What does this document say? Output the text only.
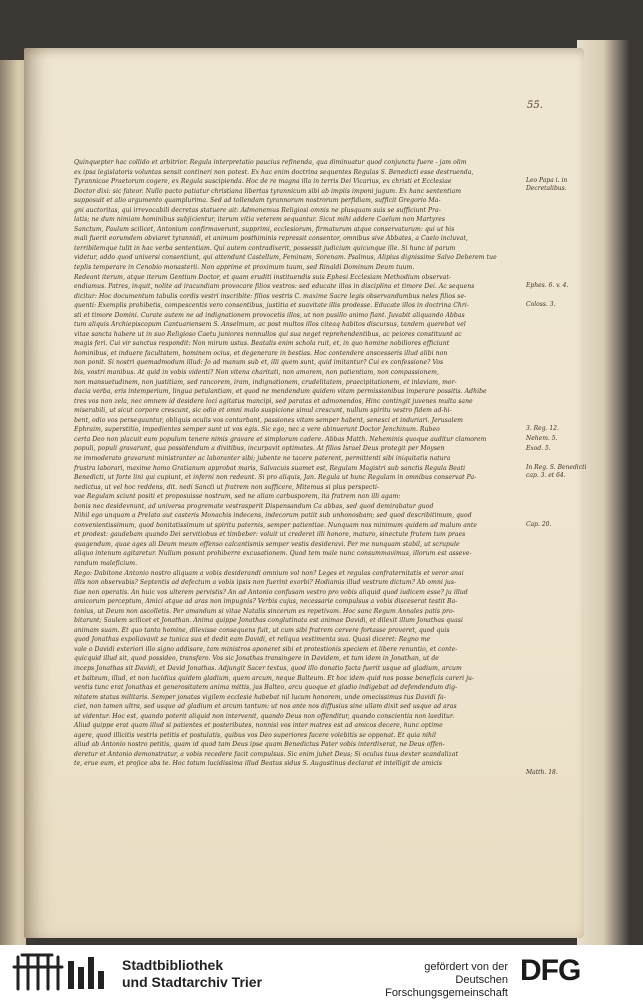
55.

Quinquepter hac collido et arbitrior. Regula interpretatio paucius refinenda, qua diminuatur quod conjunctu fuere - jam olim

ex ipsa legislatoris voluntas sensit contineri non potest. Ex hac enim doctrina sequentes Regulas S. Benedicti esse destruenda,

Tyrannicae Praetorum cogere, ex Regula suscipienda. Hoc de re magna illa in terris Dei Vicarius, ex christi et Ecclesiae

Doctor dixi: sic fateor. Nullo pacto patiatur christiana libertas tyrannicum sibi ab impiis imponi jugum. Ex hanc sententiam

supposuit et alio argumento quamplurima. Sed ad tollendam tyrannorum nostrorum perfidiam, sufficit Gregorio Ma-

gni auctoritas, qui irrevocabili decretas statuere ait: Admonemus Religiosi omnis ne plusquam suis se sufficiunt Pra-

latis; ne dum nimiam hominibus subjicientur, iterum vitia veterem sequantur. Sicut mihi addere Caelum non Martyres

Sanctum, Paulum scilicet, Antonium confirmaverunt, supprimi, ecclesiorum, firmaturum atque conservaturum: qui ut his

mali fuerit eorumdem obviaret tyrannidi, et animum posthiminis repressit consentor, omnibus sive Abbates, a Caelo incluvat,

terribilemque tulit in hac verba sententiam. Qui autem contradixerit, possessit judicium quicunque ille. Si hunc id parum

videtur, addo quod universi consentiunt, qui attendunt Castellum, Feminam, Sorenam. Psalmus, Alipius dignissime Salvo Deberem tue

teplis temperare in Cenobio monasterii. Non apprime et proximum tuum, sed Rinaldi Dominum Deum tuum.

Redeant iterum, atque iterum Gentium Doctor, et quam eruditi instituendis suis Ephesi Ecclesiam Methodium observat-

endiamus. Patres, inquit, nolite ad iracundiam provocare filios vestros: sed educate illos in disciplina et timore Dei. Ac sequens

dicitur: Hoc documentum tabulis cordis vestri inscribite: filios vestris C. maxime Sacre legis observandumbus neles filios se-

quenti: Exemplis prohibetis, compescentis vero consentibus, justitia et suavitate illis prodesse. Educate illos in doctrina Chri-

sti et timore Domini. Curate autem ne ad indignationem provocetis illos, ut non pusillo animo fiant. Juvabit aliquando Abbas

tum aliquis Archiepiscopum Cantuariensem S. Anselmum, ac post multos illos citeaq habitos discursus, tandem querebat vel

vitae sancta habere ut in suo Religioso Caetu juniores nonnullos qui sua neget reprehendentibus, ac peiores constituunt ac

magis feri. Cui vir sanctus respondit: Non mirum ustus. Beatalis enim schola ruit, et, in quo homine nobiliores efficiunt

hominibus, et induere facultatem, hominem ocius, et degenerare in bestias. Hoc contendere anscesseris illud alibi non

non ponit. Si nostri quemadmodum illud: Jo ad manum sub et, illi quem sunt, quid imitantur? Cui ex confessione? Vos

bis, vostri manibus. At quid in vobis videnti? Non vitena charitati, non amorem, non patientiam, non compassionem,

non mansuetudinem, non justitiam, sed rancorem, iram, indignationem, crudelitatem, praecipitationem, et inlaviam, mor-

dacia verba, eris intemperium, lingua petulantiam, et quod ne mendendum quidem vitam permissionibus imperare possitis. Adhibe

tres vos non zela, nec omnem id desidere loci agitatus mancipi, sed paratas et admonendos, Hinc contingit juvenes multa sane

miserabili, ut sicut corpore crescunt, sic odio et omni malo suspicione simul crescunt, nullum spiritu vestro fidem ad-hi-

bent, odio vos persequuntur, obliquis oculis vos conturbant, passiones vitam semper habent, senesci et induriari. Jerusalem

Ephraim, superstitio, impedientes semper sunt ut vos egis. Sic ego, nec a vere abinuerunt Doctor Jenchinum. Rubeo

certa Deo non placuit eum populum tenere nimis gravare et simplorum cadere. Abbas Matth. Neheminis quoque auditur clamorem

populi, populi gravarunt, qua possidendum a divitibus, incurpavit optimates. At filios Israel Deus protegit per Moysen

ne immoderato gravarunt ministranter ac laboranter sibi; jubente ne tacere paterent, permittenti sibi iniquitatis natura

frustra laborari, maxime homo Gratianum approbat maris, Salvacuis suamet est, Regulam Magistri sub sanctis Regula Beati

Benedicti, ut forte lini qui cupiunt, et inferni non redeunt. Si pro aliquis, Jan. Regula ut hunc Regulam in omnibus conservat Pa-

nedictus, ut vel hoc reddens, dit. nedi Sancti ut fratrem non sufficere, Mitemus si plus perspecti-

vae Regulam sciunt positi et proposuisse nostrum, sed ne aliam carbusporem, ita fratrem non illi agam:

bonis nec desidevnunt, ad universa progremate vestrasperit Dispensandum Ca abbas, sed quod demirabatur guod

Nihil ego unquam a Prelato aut casteris Monachis indecens, indecorum patiit sub unhonosbam; sed quod describitimum, quod

convenientissimum, quod bonitatissimum ut spiritu paternis, semper patientiae. Nunquam nos minimum quidem ad malum ante

et prodest: gaudebam quando Dei servitiobus et timbeber: voluit ut crederet illi honore, maturo, sinectute frutem tum praes

quagendum, quae ages ali Deum meum offenso calcantismis semper vestis desideravi. Per me nunquam stabil, ut scrupule

aliquo intenum agitaretur. Nullum posunt prohiberre excusationem. Quod tem male nunc consummavimus, illorum est asseve-

randum maleficium.

Rego: Dabitone Antonio nostro aliquam a vobis desiderandi omnium vol non? Leges et regulas confraternitatis et veror anai

illis non observabis? Septentis ad defectum a vobis ipsis non fuerint exorbi? Hodiamis illud vestrum dictum? Ab omni jus-

tiae non operatis. An huic vos ulterem pervistis? An ad Antonio confusam vestro pro vobis aliquid quod iudicem esse? ju illud

amicorum perceptum, Amici atque ad aras non impugnis? Verbis cujus, necessarie compulsus a vobis disceserat testit Ba-

tonius, ut Deum non ascolletis. Per amandum si vitae Natalis sincerum es repetivam. Hoc sanc Regum Annales patis pro-

bitarunt; Saulem scilicet et Jonathan. Anima quippe Jonathas conglutinata est animae Davidi, et dilexit illum Jonathas quasi

animam suam. Et quo tanto homine, dilexisse consequens fuit, ut cum sibi fratrem cervere fortasse proveret, quod quis

quod Jonathas expoliavavit se tunica sua et dedit eam Davidi, et reliqua vestimenta sua. Quasi diceret: Regno me

vale o Davidi exteriori illo signo addisare, tam ministros aponeret sibi et protestionis speciem et libere renuntio, et conte-

quicquid illud sit, quod possideo, transfero. Vos sic Jonathas transingere in Davidem, et tum idem in Jonathan, ut de

inceps Jonathas sit Davidi, et David Jonathas. Adjungit Sacer textus, quod illo donatio facta fuerit usque ad gladium, arcum

et balteum, illud, et non lucidius quidem gladium, quem arcum, neque Balteum. Et hoc idem quid nos posse beneficis careri ju-

ventis tunc erat Jonathas et generositatem anima mittis, jus Balteo, arcu quoque et gladio indigebat ad defendendum dig-

nitatem status militaris. Semper jonatas vigilem ecclesie habebat nil lucum honorem, unde omecissimus tus Davidi fa-

ciet, non tamen ultra, sed usque ad gladium et arcum tantum: ut nos ante nos diffusius sine ullam dixit sed usque ad aras

ut videntur. Hoc est, quando poterit aliquid non intervenit, quando Deus non offenditur, quando conscientia non laeditur.

Aliud quippe erat quam illud si patientes et posteributes, nonnisi vos inter matres est ad amicos decere, hunc optime

agere, quod illicitis vestris petitis et postulatis, quibus vos Deo superiores facere volebitis se opponat. Et quia nihil

aliud ab Antonio nostro petitis, quam id quod tam Deus ipse quam Benedictus Pater vobis interdixerat, ne Deus offen-

deretur et Antonio demonstratur, a vobis recedere facit compulsus. Sic enim juhet Deus; Si oculus tuus dexter scandalizat

te, erue eum, et projice abs te. Hoc totum lucidissima illud Beatus sidus S. Augustinus declarat et intelligit de amicis

Leo Papa i. in Decretalibus.
Ephes. 6. v. 4.
Coloss. 3.
3. Reg. 12.
Nehem. 5.
Exod. 5.
In Reg. S. Benedicti cap. 3. et 64.
Cap. 20.
Matth. 18.
Stadtbibliothek
und Stadtarchiv Trier
gefördert von der
Deutschen Forschungsgemeinschaft
DFG
